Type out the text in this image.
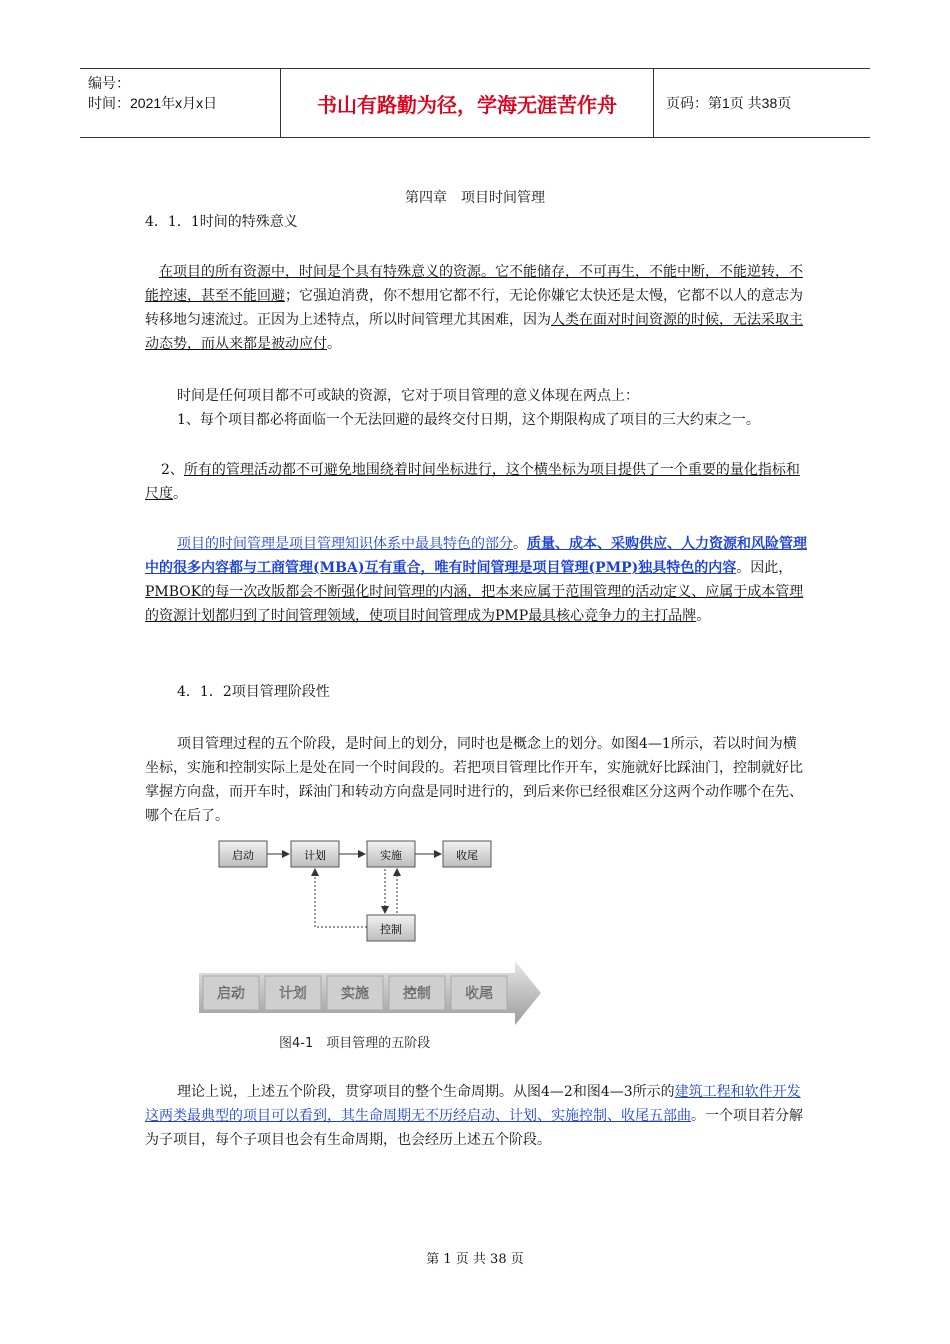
编号：
时间：2021年x月x日	书山有路勤为径，学海无涯苦作舟	页码：第1页 共38页
第四章　项目时间管理
4．1．1时间的特殊意义
在项目的所有资源中，时间是个具有特殊意义的资源。它不能储存，不可再生，不能中断，不能逆转，不能控速，甚至不能回避；它强迫消费，你不想用它都不行，无论你嫌它太快还是太慢，它都不以人的意志为转移地匀速流过。正因为上述特点，所以时间管理尤其困难，因为人类在面对时间资源的时候，无法采取主动态势，而从来都是被动应付。
时间是任何项目都不可或缺的资源，它对于项目管理的意义体现在两点上：
1、每个项目都必将面临一个无法回避的最终交付日期，这个期限构成了项目的三大约束之一。
2、所有的管理活动都不可避免地围绕着时间坐标进行，这个横坐标为项目提供了一个重要的量化指标和尺度。
项目的时间管理是项目管理知识体系中最具特色的部分。质量、成本、采购供应、人力资源和风险管理中的很多内容都与工商管理(MBA)互有重合，唯有时间管理是项目管理(PMP)独具特色的内容。因此，PMBOK的每一次改版都会不断强化时间管理的内涵，把本来应属于范围管理的活动定义、应属于成本管理的资源计划都归到了时间管理领域，使项目时间管理成为PMP最具核心竞争力的主打品牌。
4．1．2项目管理阶段性
项目管理过程的五个阶段，是时间上的划分，同时也是概念上的划分。如图4—1所示，若以时间为横坐标，实施和控制实际上是处在同一个时间段的。若把项目管理比作开车，实施就好比踩油门，控制就好比掌握方向盘，而开车时，踩油门和转动方向盘是同时进行的，到后来你已经很难区分这两个动作哪个在先、哪个在后了。
启动	计划	实施	收尾
控制
启动 计划 实施 控制 收尾
图4-1　项目管理的五阶段
理论上说，上述五个阶段，贯穿项目的整个生命周期。从图4—2和图4—3所示的建筑工程和软件开发这两类最典型的项目可以看到，其生命周期无不历经启动、计划、实施控制、收尾五部曲。一个项目若分解为子项目，每个子项目也会有生命周期，也会经历上述五个阶段。
第 1 页 共 38 页
